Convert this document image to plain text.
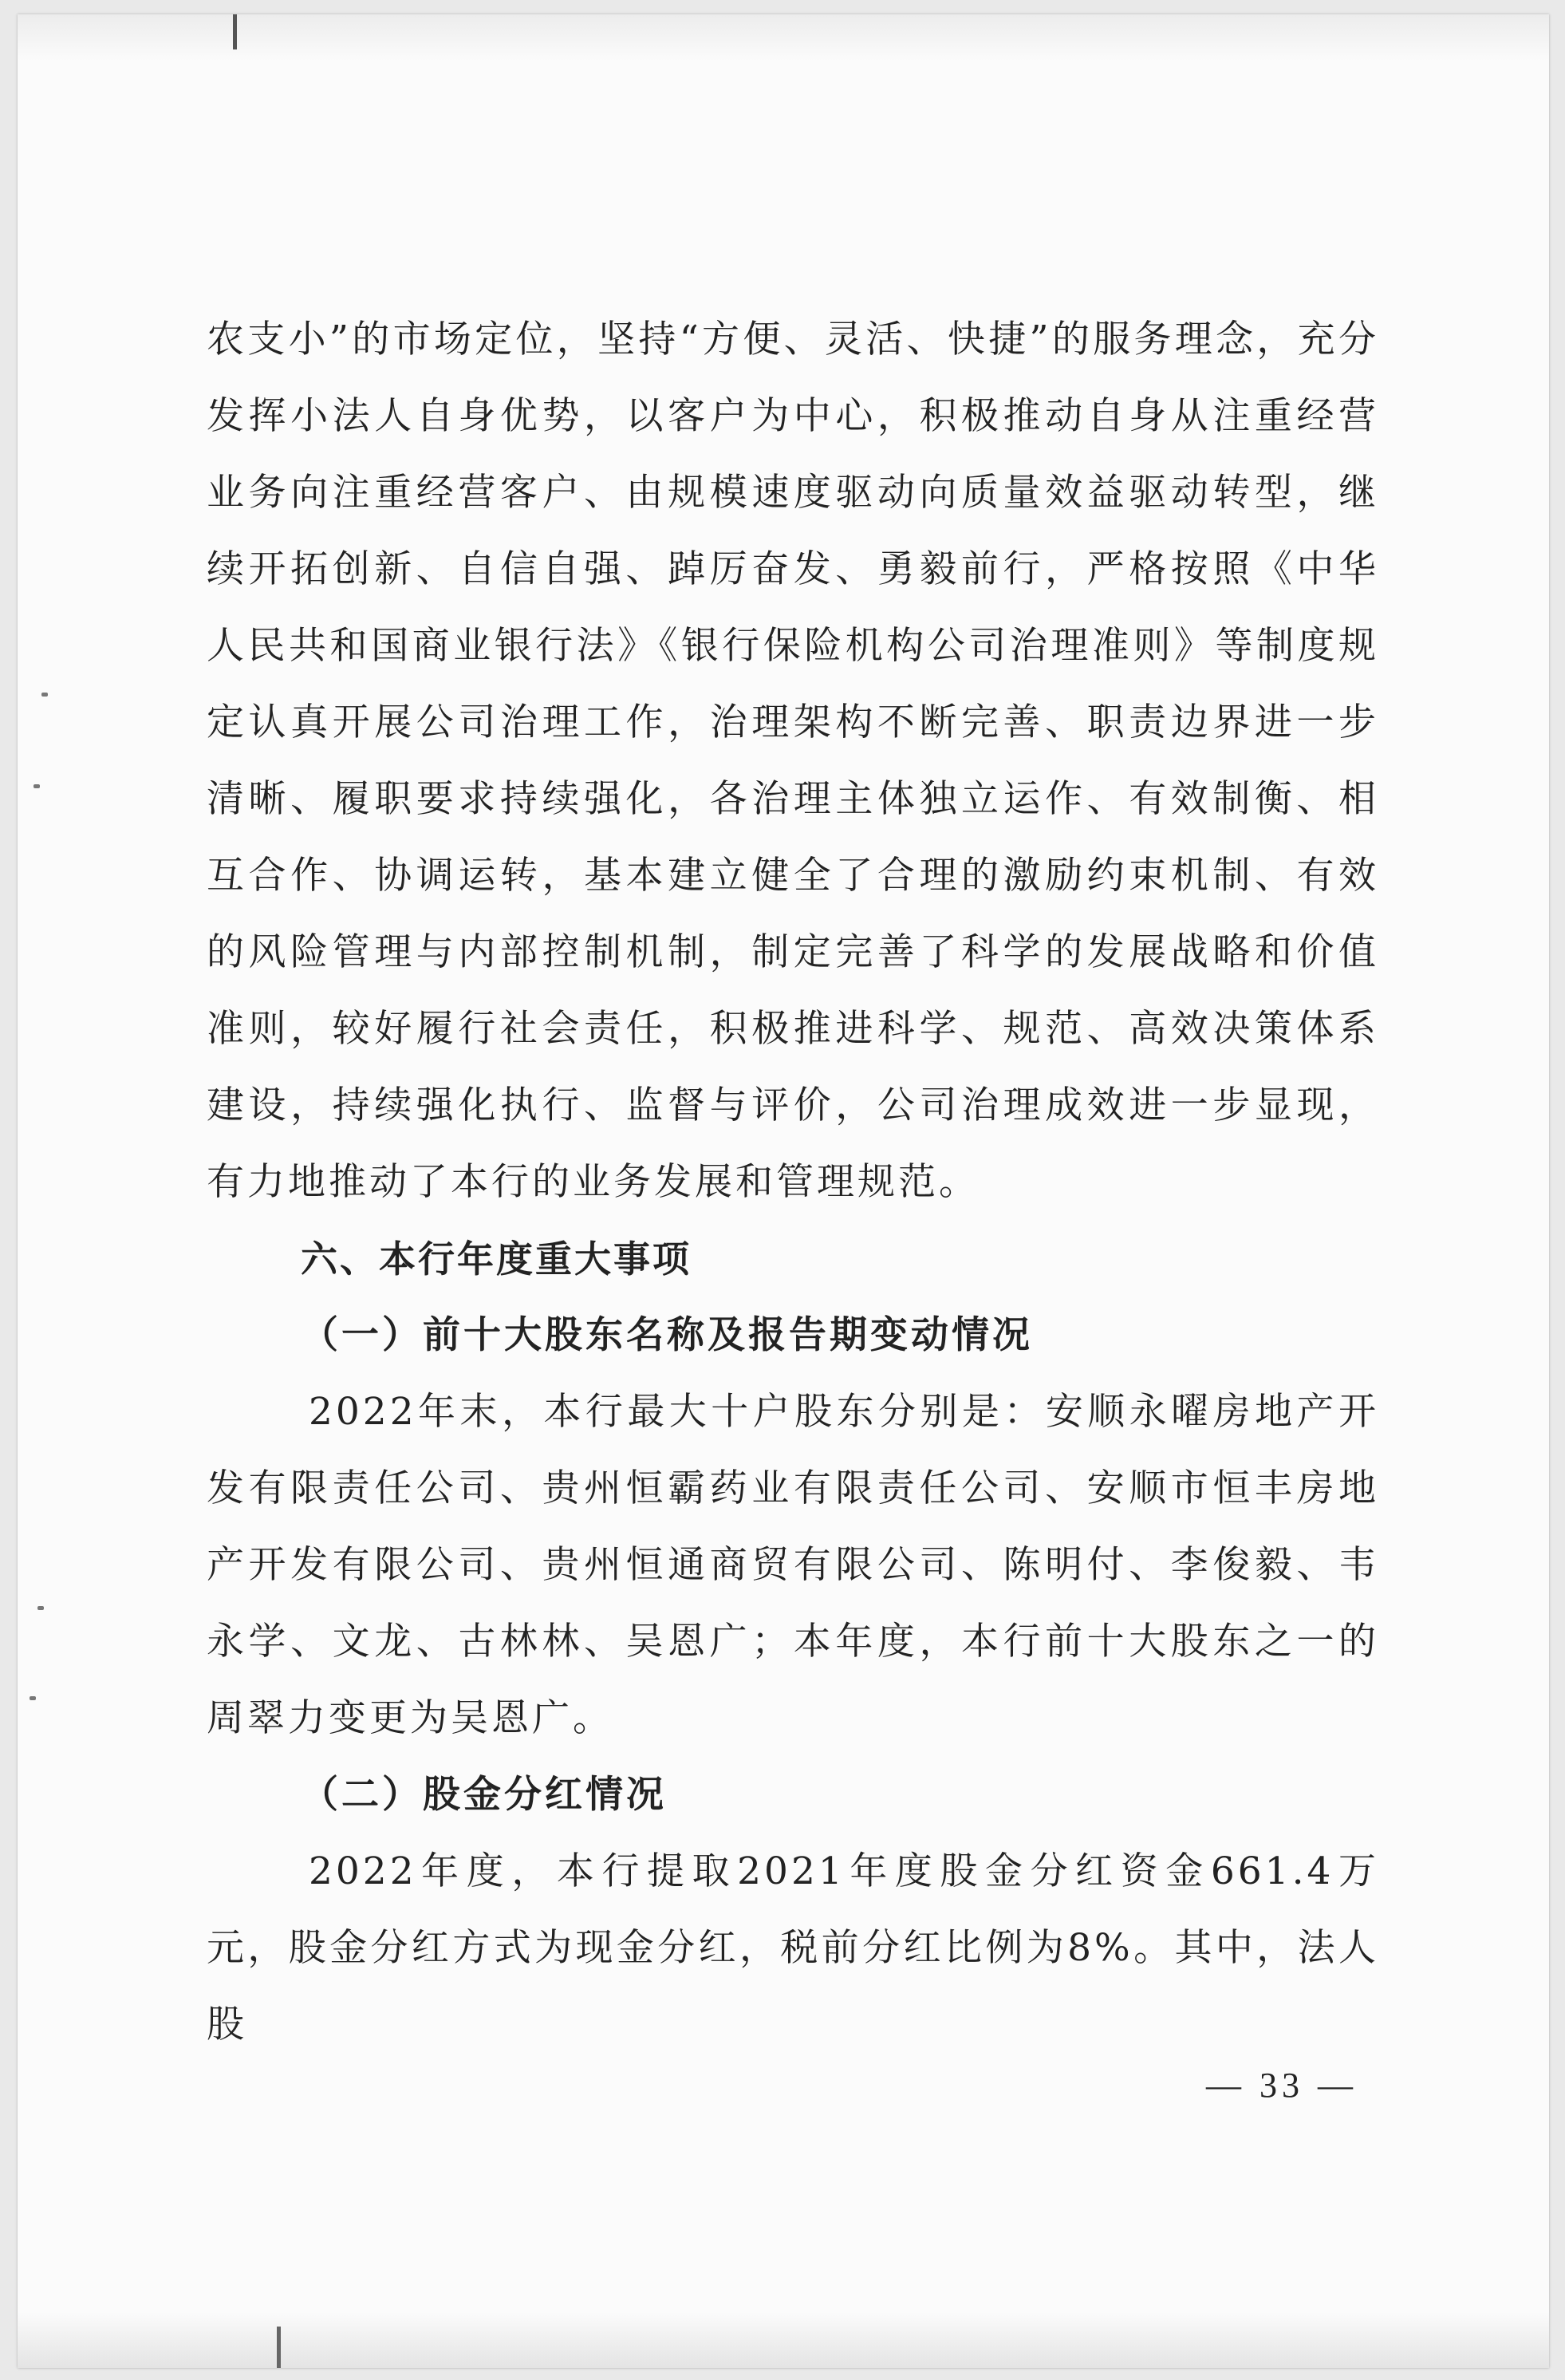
农支小”的市场定位，坚持“方便、灵活、快捷”的服务理念，充分发挥小法人自身优势，以客户为中心，积极推动自身从注重经营业务向注重经营客户、由规模速度驱动向质量效益驱动转型，继续开拓创新、自信自强、踔厉奋发、勇毅前行，严格按照《中华人民共和国商业银行法》《银行保险机构公司治理准则》等制度规定认真开展公司治理工作，治理架构不断完善、职责边界进一步清晰、履职要求持续强化，各治理主体独立运作、有效制衡、相互合作、协调运转，基本建立健全了合理的激励约束机制、有效的风险管理与内部控制机制，制定完善了科学的发展战略和价值准则，较好履行社会责任，积极推进科学、规范、高效决策体系建设，持续强化执行、监督与评价，公司治理成效进一步显现，有力地推动了本行的业务发展和管理规范。

六、本行年度重大事项

（一）前十大股东名称及报告期变动情况

2022年末，本行最大十户股东分别是：安顺永曜房地产开发有限责任公司、贵州恒霸药业有限责任公司、安顺市恒丰房地产开发有限公司、贵州恒通商贸有限公司、陈明付、李俊毅、韦永学、文龙、古林林、吴恩广；本年度，本行前十大股东之一的周翠力变更为吴恩广。

（二）股金分红情况

2022年度，本行提取2021年度股金分红资金661.4万元，股金分红方式为现金分红，税前分红比例为8%。其中，法人股

— 33 —
